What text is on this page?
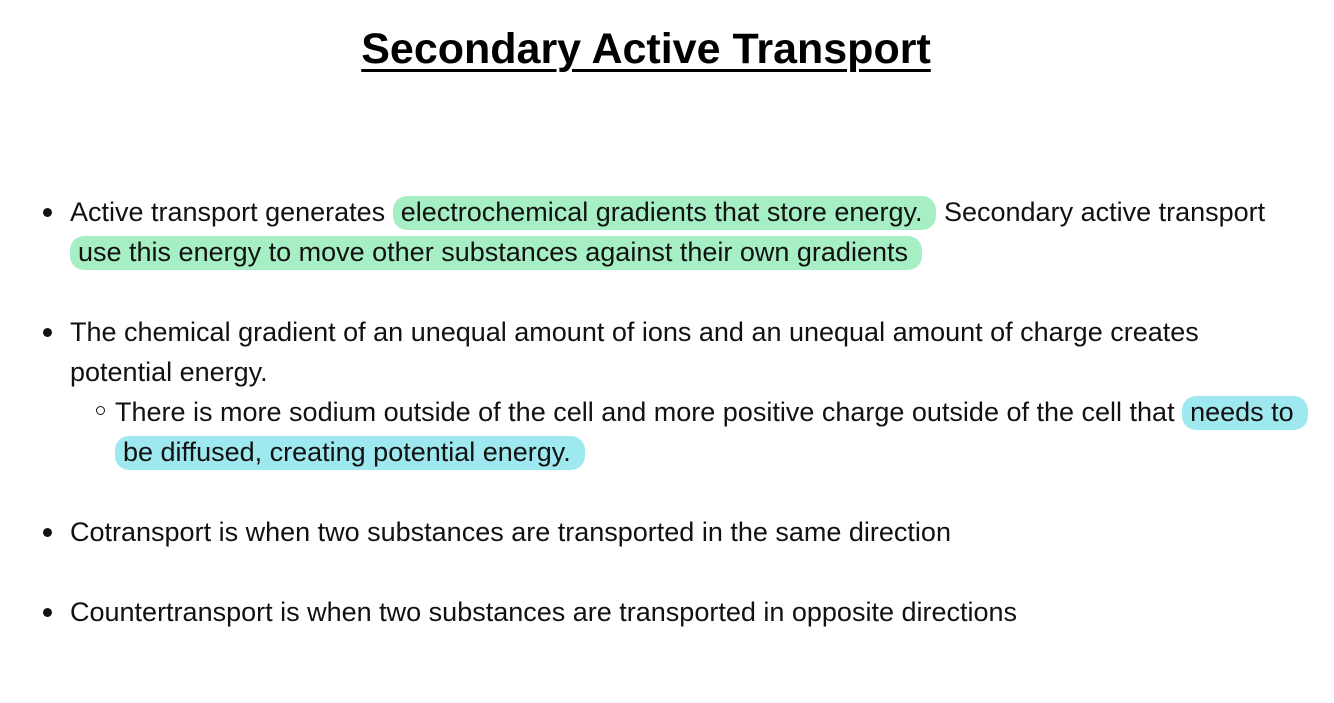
Secondary Active Transport
Active transport generates electrochemical gradients that store energy. Secondary active transport use this energy to move other substances against their own gradients
The chemical gradient of an unequal amount of ions and an unequal amount of charge creates potential energy.
There is more sodium outside of the cell and more positive charge outside of the cell that needs to be diffused, creating potential energy.
Cotransport is when two substances are transported in the same direction
Countertransport is when two substances are transported in opposite directions
